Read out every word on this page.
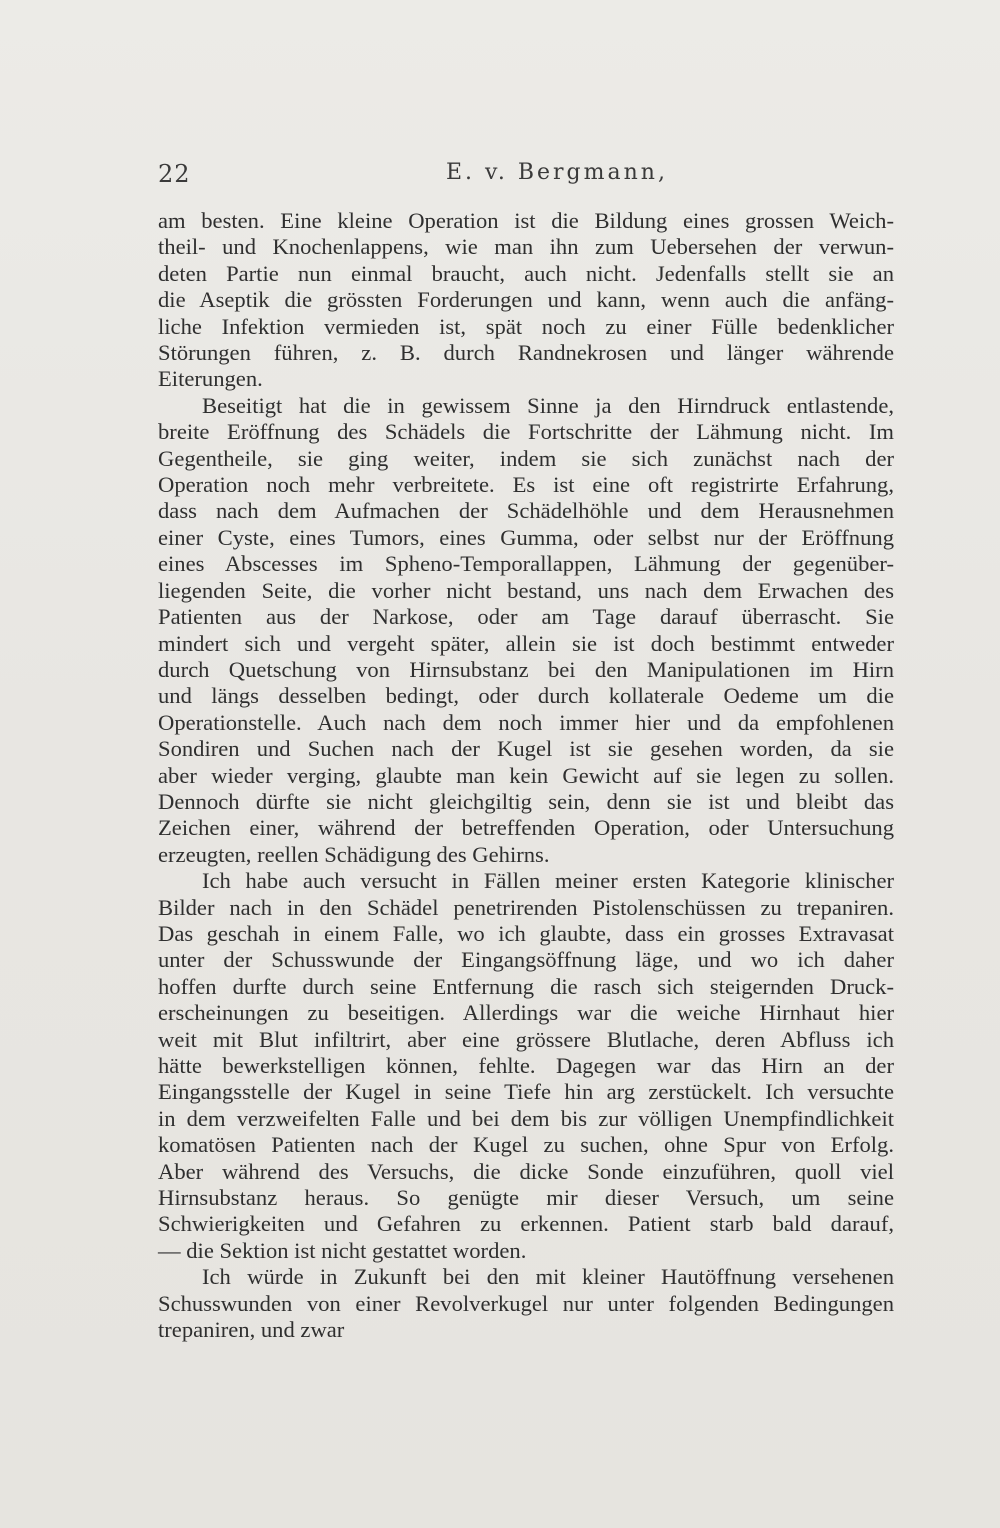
22	E. v. Bergmann,
am besten. Eine kleine Operation ist die Bildung eines grossen Weich-
theil- und Knochenlappens, wie man ihn zum Uebersehen der verwun-
deten Partie nun einmal braucht, auch nicht. Jedenfalls stellt sie an
die Aseptik die grössten Forderungen und kann, wenn auch die anfäng-
liche Infektion vermieden ist, spät noch zu einer Fülle bedenklicher
Störungen führen, z. B. durch Randnekrosen und länger währende
Eiterungen.
Beseitigt hat die in gewissem Sinne ja den Hirndruck entlastende,
breite Eröffnung des Schädels die Fortschritte der Lähmung nicht. Im
Gegentheile, sie ging weiter, indem sie sich zunächst nach der
Operation noch mehr verbreitete. Es ist eine oft registrirte Erfahrung,
dass nach dem Aufmachen der Schädelhöhle und dem Herausnehmen
einer Cyste, eines Tumors, eines Gumma, oder selbst nur der Eröffnung
eines Abscesses im Spheno-Temporallappen, Lähmung der gegenüber-
liegenden Seite, die vorher nicht bestand, uns nach dem Erwachen des
Patienten aus der Narkose, oder am Tage darauf überrascht. Sie
mindert sich und vergeht später, allein sie ist doch bestimmt entweder
durch Quetschung von Hirnsubstanz bei den Manipulationen im Hirn
und längs desselben bedingt, oder durch kollaterale Oedeme um die
Operationstelle. Auch nach dem noch immer hier und da empfohlenen
Sondiren und Suchen nach der Kugel ist sie gesehen worden, da sie
aber wieder verging, glaubte man kein Gewicht auf sie legen zu sollen.
Dennoch dürfte sie nicht gleichgiltig sein, denn sie ist und bleibt das
Zeichen einer, während der betreffenden Operation, oder Untersuchung
erzeugten, reellen Schädigung des Gehirns.
Ich habe auch versucht in Fällen meiner ersten Kategorie klinischer
Bilder nach in den Schädel penetrirenden Pistolenschüssen zu trepaniren.
Das geschah in einem Falle, wo ich glaubte, dass ein grosses Extravasat
unter der Schusswunde der Eingangsöffnung läge, und wo ich daher
hoffen durfte durch seine Entfernung die rasch sich steigernden Druck-
erscheinungen zu beseitigen. Allerdings war die weiche Hirnhaut hier
weit mit Blut infiltrirt, aber eine grössere Blutlache, deren Abfluss ich
hätte bewerkstelligen können, fehlte. Dagegen war das Hirn an der
Eingangsstelle der Kugel in seine Tiefe hin arg zerstückelt. Ich versuchte
in dem verzweifelten Falle und bei dem bis zur völligen Unempfindlichkeit
komatösen Patienten nach der Kugel zu suchen, ohne Spur von Erfolg.
Aber während des Versuchs, die dicke Sonde einzuführen, quoll viel
Hirnsubstanz heraus. So genügte mir dieser Versuch, um seine
Schwierigkeiten und Gefahren zu erkennen. Patient starb bald darauf,
— die Sektion ist nicht gestattet worden.
Ich würde in Zukunft bei den mit kleiner Hautöffnung versehenen
Schusswunden von einer Revolverkugel nur unter folgenden Bedingungen
trepaniren, und zwar
